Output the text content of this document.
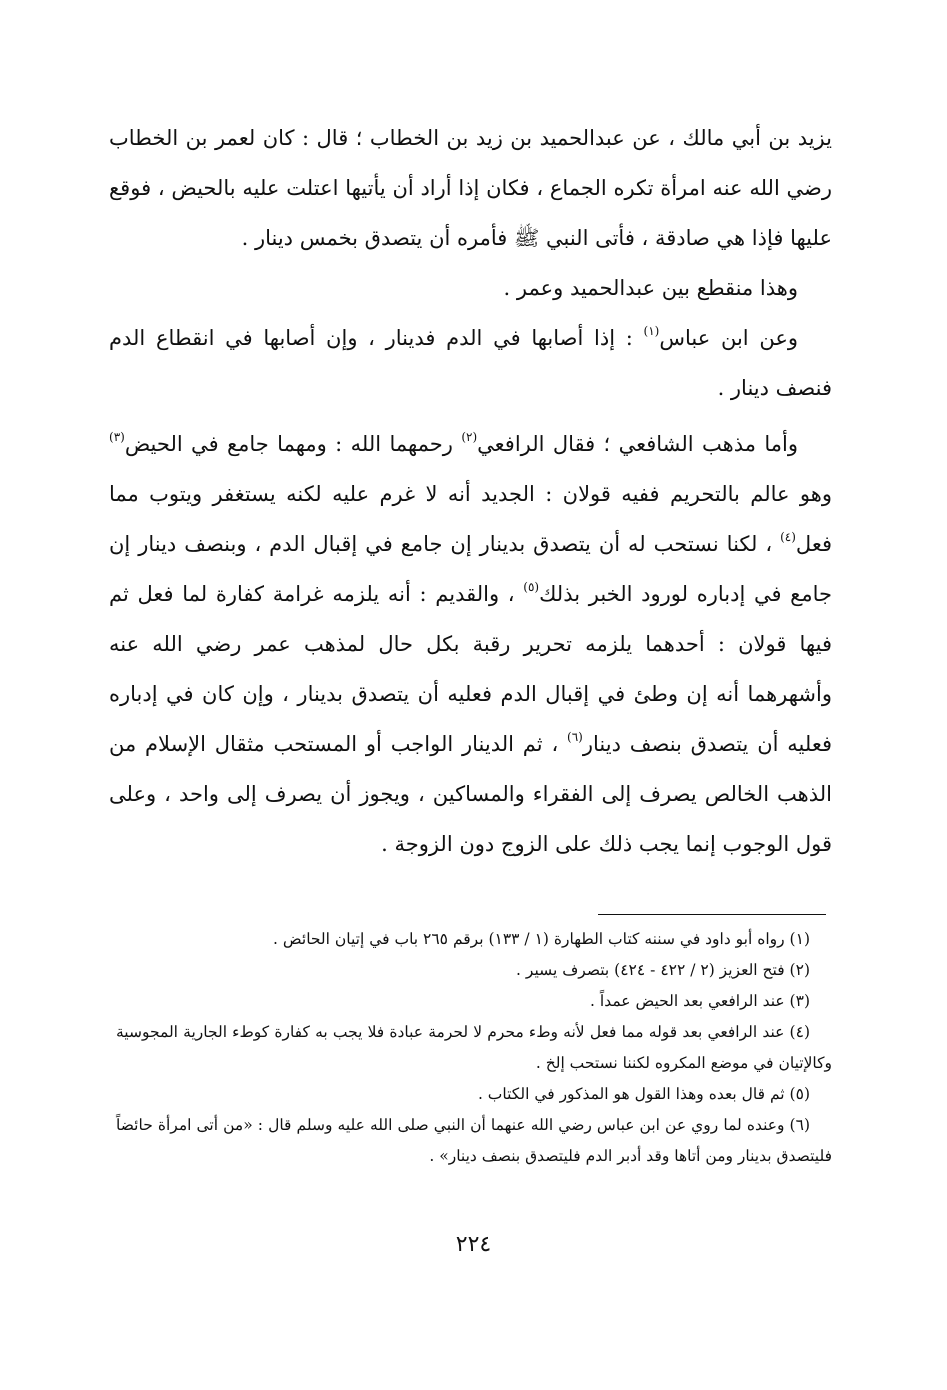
يزيد بن أبي مالك ، عن عبدالحميد بن زيد بن الخطاب ؛ قال : كان لعمر بن الخطاب رضي الله عنه امرأة تكره الجماع ، فكان إذا أراد أن يأتيها اعتلت عليه بالحيض ، فوقع عليها فإذا هي صادقة ، فأتى النبي ﷺ فأمره أن يتصدق بخمس دينار .

وهذا منقطع بين عبدالحميد وعمر .

وعن ابن عباس$^{(١)}$ : إذا أصابها في الدم فدينار ، وإن أصابها في انقطاع الدم فنصف دينار .

وأما مذهب الشافعي ؛ فقال الرافعي$^{(٢)}$ رحمهما الله : ومهما جامع في الحيض$^{(٣)}$ وهو عالم بالتحريم ففيه قولان : الجديد أنه لا غرم عليه لكنه يستغفر ويتوب مما فعل$^{(٤)}$ ، لكنا نستحب له أن يتصدق بدينار إن جامع في إقبال الدم ، وبنصف دينار إن جامع في إدباره لورود الخبر بذلك$^{(٥)}$ ، والقديم : أنه يلزمه غرامة كفارة لما فعل ثم فيها قولان : أحدهما يلزمه تحرير رقبة بكل حال لمذهب عمر رضي الله عنه وأشهرهما أنه إن وطئ في إقبال الدم فعليه أن يتصدق بدينار ، وإن كان في إدباره فعليه أن يتصدق بنصف دينار$^{(٦)}$ ، ثم الدينار الواجب أو المستحب مثقال الإسلام من الذهب الخالص يصرف إلى الفقراء والمساكين ، ويجوز أن يصرف إلى واحد ، وعلى قول الوجوب إنما يجب ذلك على الزوج دون الزوجة .

(١) رواه أبو داود في سننه كتاب الطهارة (١ / ١٣٣) برقم ٢٦٥ باب في إتيان الحائض .

(٢) فتح العزيز (٢ / ٤٢٢ - ٤٢٤) بتصرف يسير .

(٣) عند الرافعي بعد الحيض عمداً .

(٤) عند الرافعي بعد قوله مما فعل لأنه وطء محرم لا لحرمة عبادة فلا يجب به كفارة كوطء الجارية المجوسية وكالإتيان في موضع المكروه لكننا نستحب إلخ .

(٥) ثم قال بعده وهذا القول هو المذكور في الكتاب .

(٦) وعنده لما روي عن ابن عباس رضي الله عنهما أن النبي صلى الله عليه وسلم قال : «من أتى امرأة حائضاً فليتصدق بدينار ومن أتاها وقد أدبر الدم فليتصدق بنصف دينار» .

٢٢٤
